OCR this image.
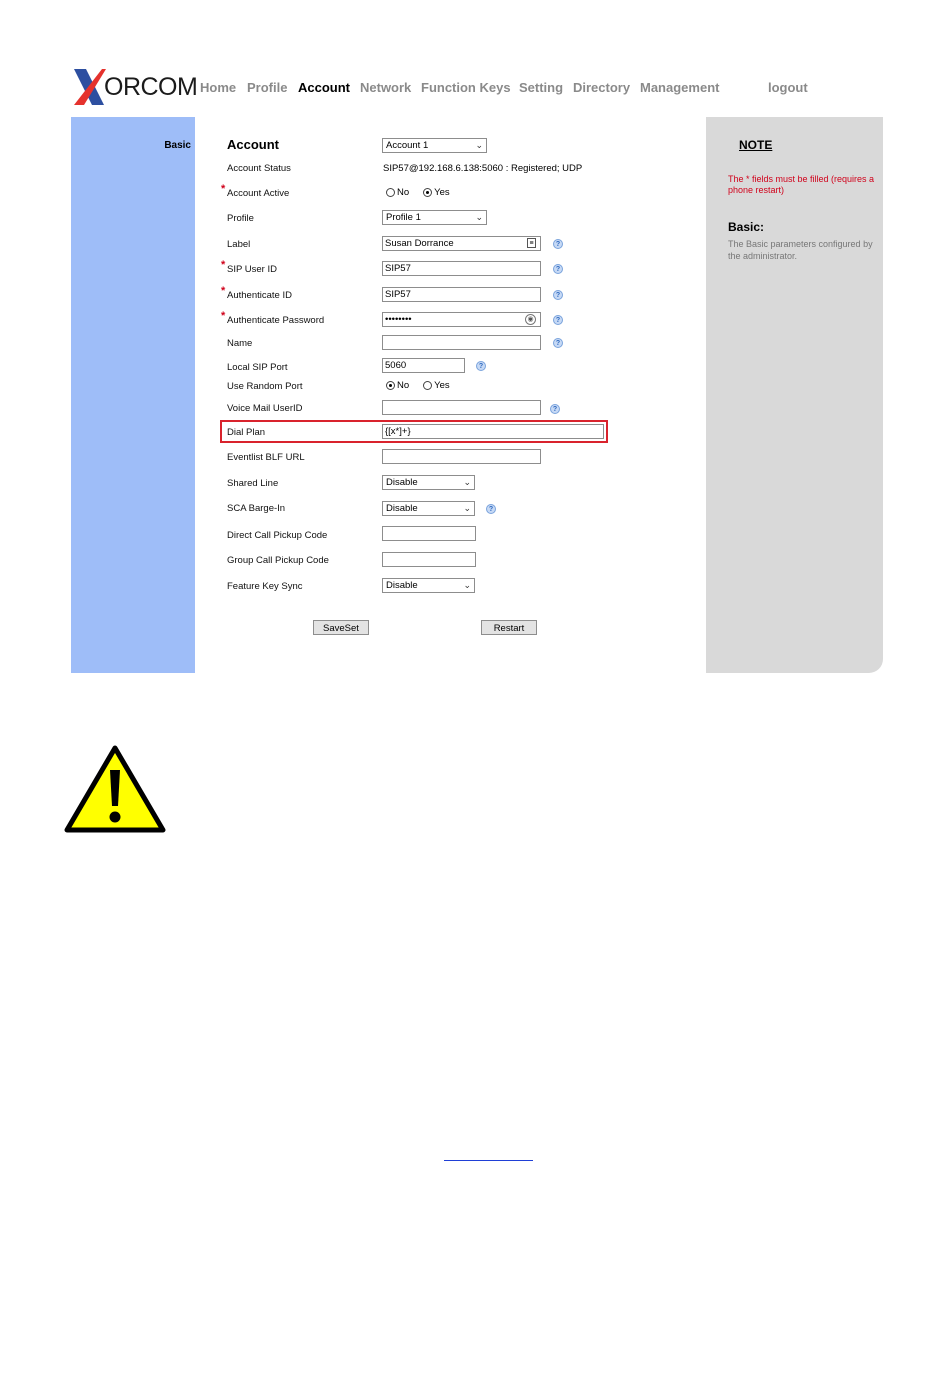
ORCOM Home Profile Account Network Function Keys Setting Directory Management	logout
Basic	Account	Account 1	⌄
Account Status	SIP57@192.168.6.138:5060 : Registered; UDP
* Account Active	No	Yes
Profile	Profile 1	⌄
Label	Susan Dorrance	≡	?
* SIP User ID	SIP57	?
* Authenticate ID	SIP57	?
* Authenticate Password	••••••••	◉	?
Name	?
Local SIP Port	5060	?
Use Random Port	No	Yes
Voice Mail UserID	?
Dial Plan	{[x*]+}
Eventlist BLF URL
Shared Line	Disable	⌄
SCA Barge-In	Disable	⌄	?
Direct Call Pickup Code
Group Call Pickup Code
Feature Key Sync	Disable	⌄
SaveSet	Restart
NOTE
The * fields must be filled (requires a phone restart)
Basic:
The Basic parameters configured by the administrator.
